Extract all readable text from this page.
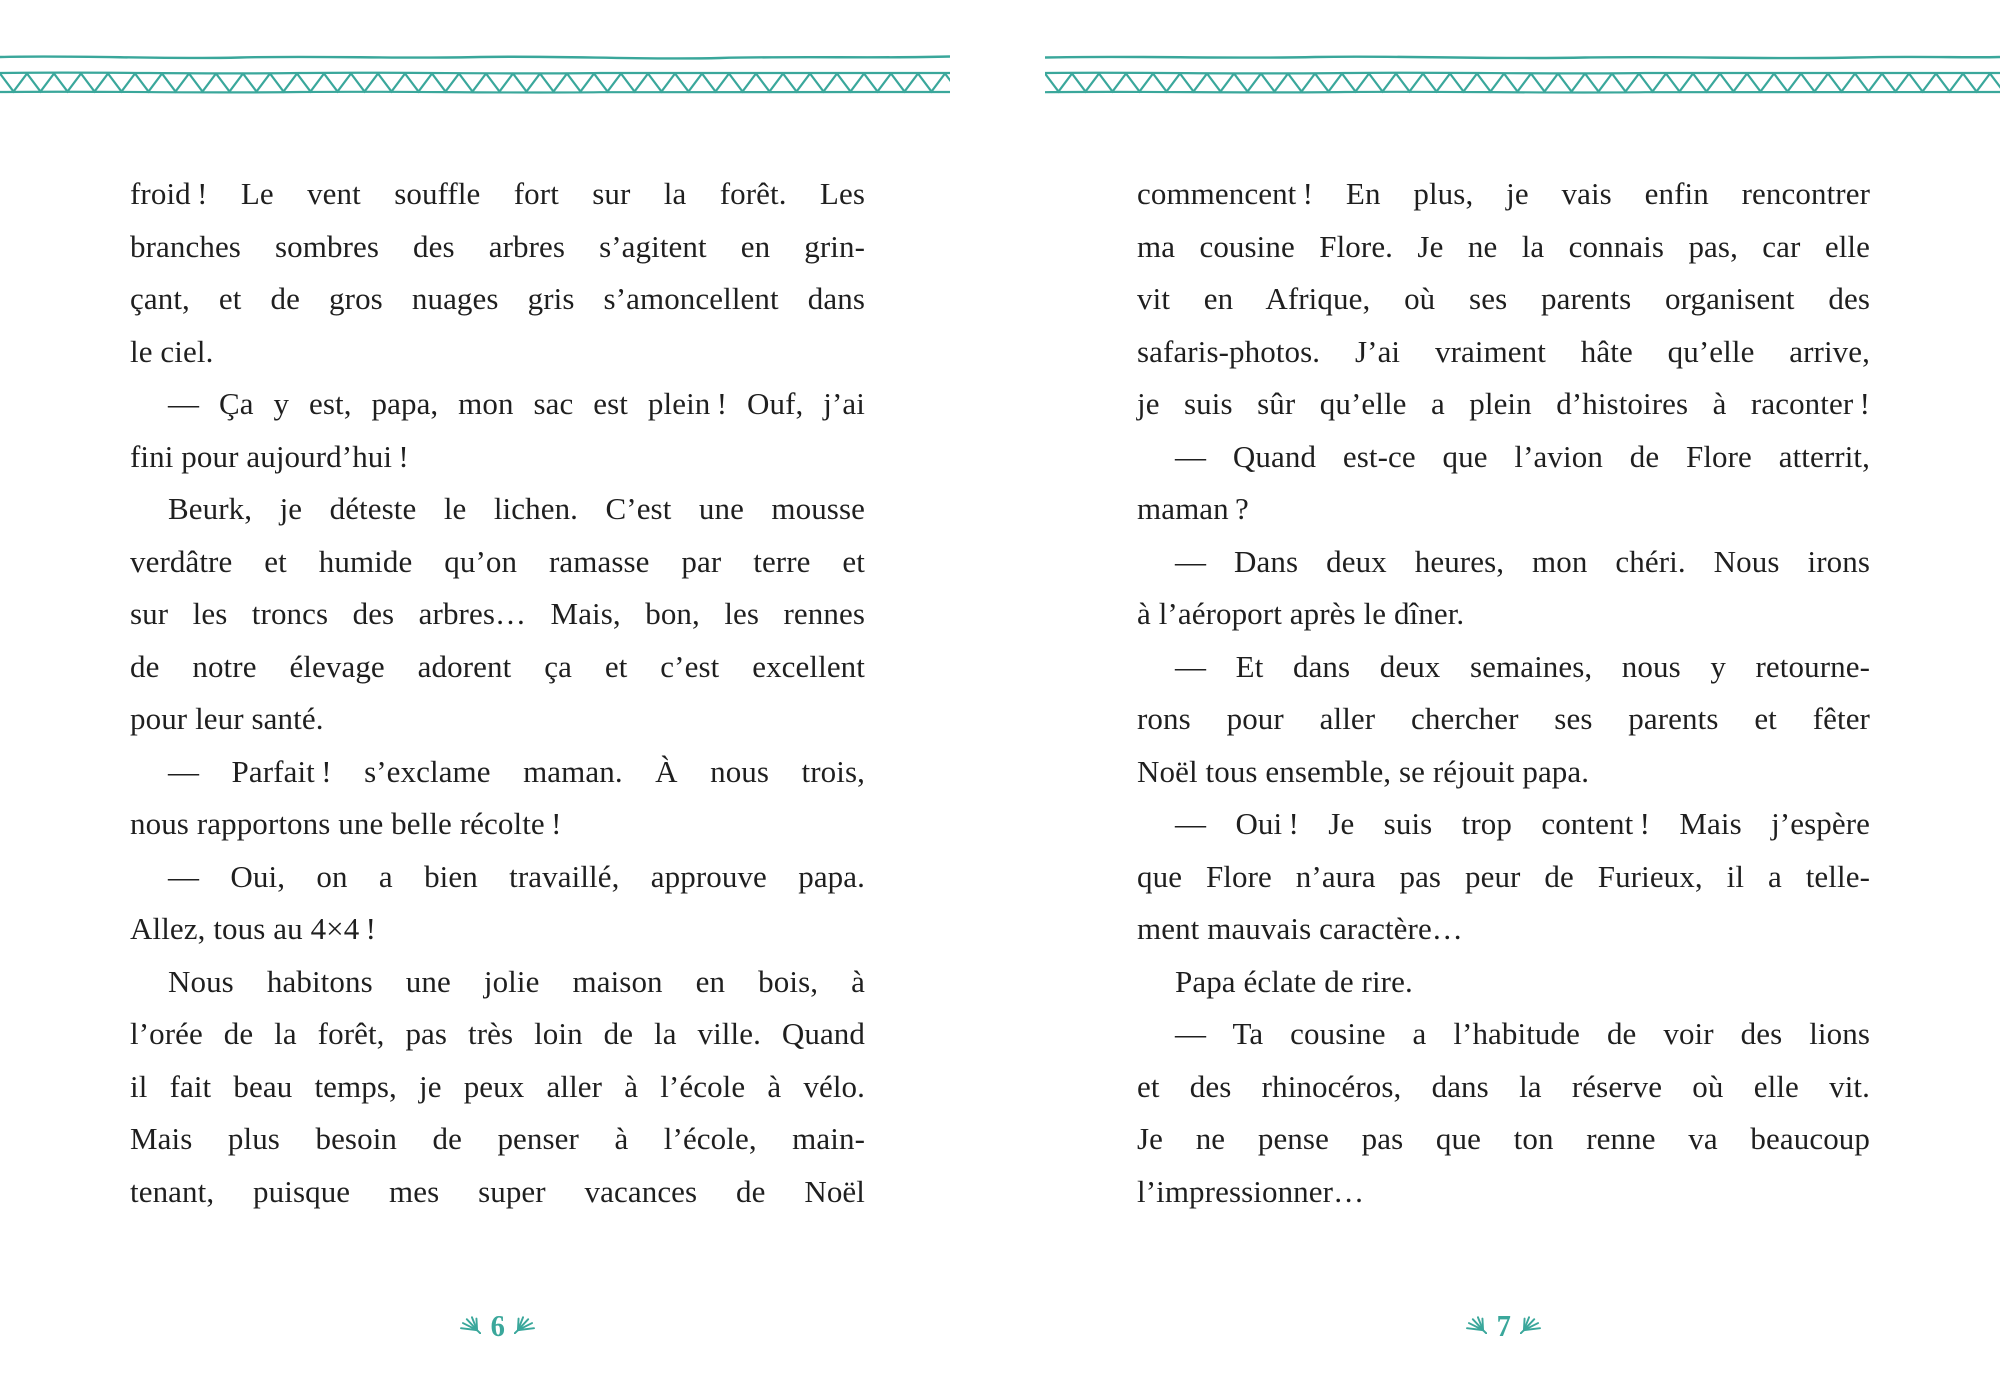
froid ! Le vent souffle fort sur la forêt. Les
branches sombres des arbres s’agitent en grin-
çant, et de gros nuages gris s’amoncellent dans
le ciel.
— Ça y est, papa, mon sac est plein ! Ouf, j’ai
fini pour aujourd’hui !
Beurk, je déteste le lichen. C’est une mousse
verdâtre et humide qu’on ramasse par terre et
sur les troncs des arbres… Mais, bon, les rennes
de notre élevage adorent ça et c’est excellent
pour leur santé.
— Parfait ! s’exclame maman. À nous trois,
nous rapportons une belle récolte !
— Oui, on a bien travaillé, approuve papa.
Allez, tous au 4×4 !
Nous habitons une jolie maison en bois, à
l’orée de la forêt, pas très loin de la ville. Quand
il fait beau temps, je peux aller à l’école à vélo.
Mais plus besoin de penser à l’école, main-
tenant, puisque mes super vacances de Noël
6
commencent ! En plus, je vais enfin rencontrer
ma cousine Flore. Je ne la connais pas, car elle
vit en Afrique, où ses parents organisent des
safaris-photos. J’ai vraiment hâte qu’elle arrive,
je suis sûr qu’elle a plein d’histoires à raconter !
— Quand est-ce que l’avion de Flore atterrit,
maman ?
— Dans deux heures, mon chéri. Nous irons
à l’aéroport après le dîner.
— Et dans deux semaines, nous y retourne-
rons pour aller chercher ses parents et fêter
Noël tous ensemble, se réjouit papa.
— Oui ! Je suis trop content ! Mais j’espère
que Flore n’aura pas peur de Furieux, il a telle-
ment mauvais caractère…
Papa éclate de rire.
— Ta cousine a l’habitude de voir des lions
et des rhinocéros, dans la réserve où elle vit.
Je ne pense pas que ton renne va beaucoup
l’impressionner…
7
